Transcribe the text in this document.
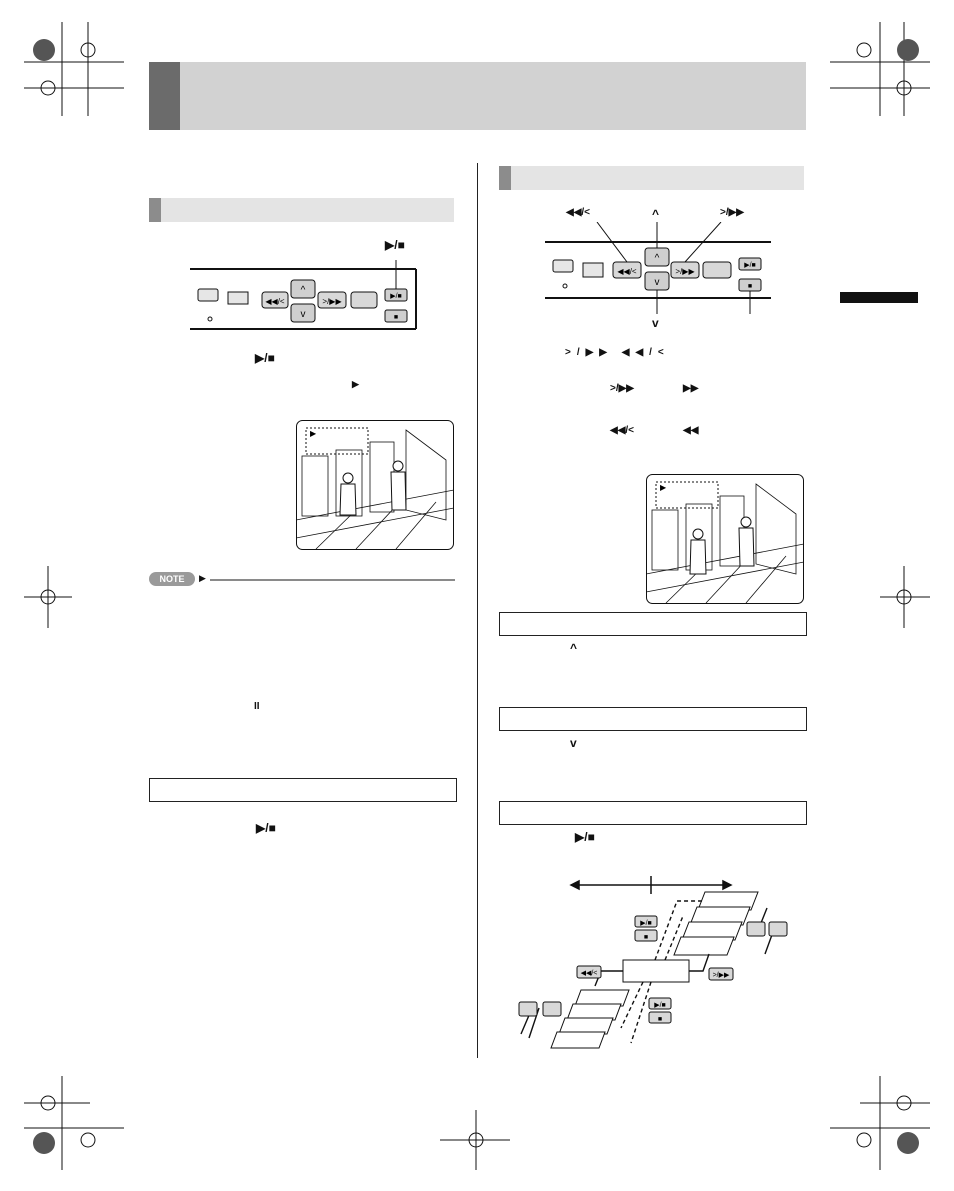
▶/■
◀◀/<
^
v
>/▶▶
▶/■
■
▶/■
▶
▶
NOTE	▶
II
▶/■
◀◀/<	^	>/▶▶
v
◀◀/<
^
v
>/▶▶
▶/■
■
>/▶▶ ◀◀/<
>/▶▶	▶▶
◀◀/<	◀◀
▶
^
v
▶/■
▶/■
■
◀◀/<	>/▶▶
▶/■
■
